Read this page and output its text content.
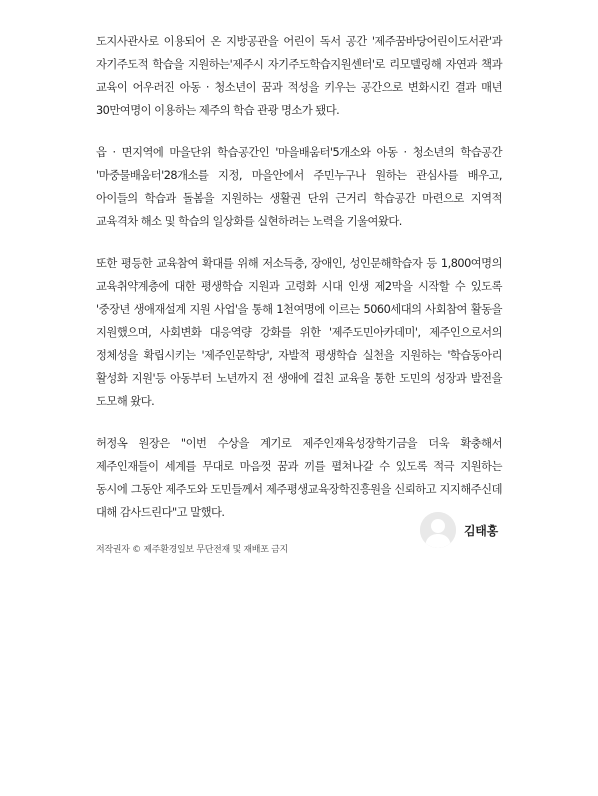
도지사관사로 이용되어 온 지방공관을 어린이 독서 공간 '제주꿈바당어린이도서관'과 자기주도적 학습을 지원하는'제주시 자기주도학습지원센터'로 리모델링해 자연과 책과 교육이 어우러진 아동 · 청소년이 꿈과 적성을 키우는 공간으로 변화시킨 결과 매년 30만여명이 이용하는 제주의 학습 관광 명소가 됐다.

읍 · 면지역에 마을단위 학습공간인 '마을배움터'5개소와 아동 · 청소년의 학습공간 '마중물배움터'28개소를 지정, 마을안에서 주민누구나 원하는 관심사를 배우고, 아이들의 학습과 돌봄을 지원하는 생활권 단위 근거리 학습공간 마련으로 지역적 교육격차 해소 및 학습의 일상화를 실현하려는 노력을 기울여왔다.

또한 평등한 교육참여 확대를 위해 저소득층, 장애인, 성인문해학습자 등 1,800여명의 교육취약계층에 대한 평생학습 지원과 고령화 시대 인생 제2막을 시작할 수 있도록 '중장년 생애재설계 지원 사업'을 통해 1천여명에 이르는 5060세대의 사회참여 활동을 지원했으며, 사회변화 대응역량 강화를 위한 '제주도민아카데미', 제주인으로서의 정체성을 확립시키는 '제주인문학당', 자발적 평생학습 실천을 지원하는 '학습동아리 활성화 지원'등 아동부터 노년까지 전 생애에 걸친 교육을 통한 도민의 성장과 발전을 도모해 왔다.

허정옥 원장은 "이번 수상을 계기로 제주인재육성장학기금을 더욱 확충해서 제주인재들이 세계를 무대로 마음껏 꿈과 끼를 펼쳐나갈 수 있도록 적극 지원하는 동시에 그동안 제주도와 도민들께서 제주평생교육장학진흥원을 신뢰하고 지지해주신데 대해 감사드린다"고 말했다.

저작권자 © 제주환경일보 무단전재 및 재배포 금지

김태홍
